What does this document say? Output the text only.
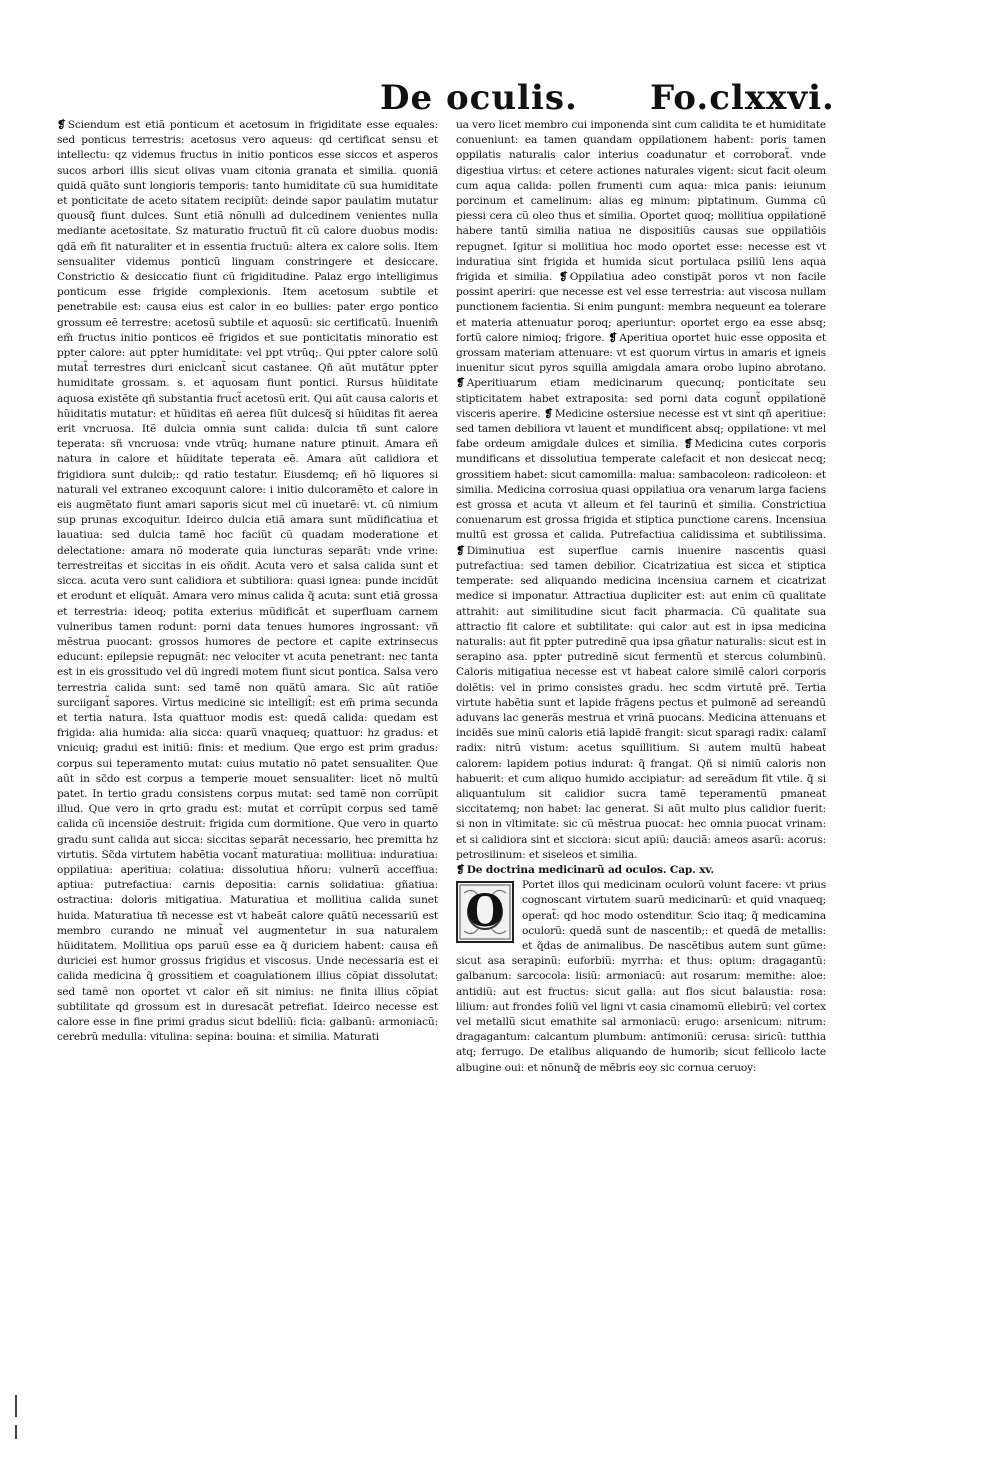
De oculis. Fo.clxxvi.

❡ Sciendum est etiã ponticum et acetosum in frigiditate esse equales: sed ponticus terrestris: acetosus vero aqueus: qd certificat sensu et intellectu: qz videmus fructus in initio ponticos esse siccos et asperos sucos arbori illis sicut olivas vuam citonia granata et similia. quoniã quidã quãto sunt longioris temporis: tanto humiditate cũ sua humiditate et ponticitate de aceto sitatem recipiũt: deinde sapor paulatim mutatur quousq̃ fiunt dulces. Sunt etiã nõnulli ad dulcedinem venientes nulla mediante acetositate. Sz maturatio fructuũ fit cũ calore duobus modis: qdã em̃ fit naturaliter et in essentia fructuũ: altera ex calore solis. Item sensualiter videmus ponticũ linguam constringere et desiccare. Constrictio & desiccatio fiunt cũ frigiditudine. Palaz ergo intelligimus ponticum esse frigide complexionis. Item acetosum subtile et penetrabile est: causa eius est calor in eo bullies: pater ergo pontico grossum eẽ terrestre: acetosũ subtile et aquosũ: sic certificatũ. Inuenim̃ em̃ fructus initio ponticos eẽ frigidos et sue ponticitatis minoratio est ppter calore: aut ppter humiditate: vel ppt vtrũq;. Qui ppter calore solũ mutat̃ terrestres duri eniclcant̃ sicut castanee. Qñ aũt mutãtur ppter humiditate grossam. s. et aquosam fiunt pontici. Rursus hũiditate aquosa existẽte qñ substantia fruct̃ acetosũ erit. Qui aũt causa caloris et hũiditatis mutatur: et hũiditas eñ aerea fiũt dulcesq̃ si hũiditas fit aerea erit vncruosa. Itẽ dulcia omnia sunt calida: dulcia tñ sunt calore teperata: sñ vncruosa: vnde vtrũq; humane nature ptinuit. Amara eñ natura in calore et hũiditate teperata eẽ. Amara aũt calidiora et frigidiora sunt dulcib;: qd ratio testatur. Eiusdemq; eñ hõ liquores si naturali vel extraneo excoquunt calore: i initio dulcoramẽto et calore in eis augmẽtato fiunt amari saporis sicut mel cũ inuetarẽ: vt. cũ nimium sup prunas excoquitur. Ideirco dulcia etiã amara sunt mũdificatiua et lauatiua: sed dulcia tamẽ hoc faciũt cũ quadam moderatione et delectatione: amara nõ moderate quia iuncturas separãt: vnde vrine: terrestreitas et siccitas in eis oñdit. Acuta vero et salsa calida sunt et sicca. acuta vero sunt calidiora et subtiliora: quasi ignea: punde incidũt et erodunt et eliquãt. Amara vero minus calida q̃ acuta: sunt etiã grossa et terrestria: ideoq; potita exterius mũdificãt et superfluam carnem vulneribus tamen rodunt: porni data tenues humores ingrossant: vñ mẽstrua puocant: grossos humores de pectore et capite extrinsecus educunt: epilepsie repugnãt: nec velociter vt acuta penetrant: nec tanta est in eis grossitudo vel dũ ingredi motem fiunt sicut pontica. Salsa vero terrestria calida sunt: sed tamẽ non quãtũ amara. Sic aũt ratiõe surciigant̃ sapores. Virtus medicine sic intelligit̃: est em̃ prima secunda et tertia natura. Ista quattuor modis est: quedã calida: quedam est frigida: alia humida: alia sicca: quarũ vnaqueq; quattuor: hz gradus: et vnicuiq; gradui est initiũ: finis: et medium. Que ergo est prim gradus: corpus sui teperamento mutat: cuius mutatio nõ patet sensualiter. Que aũt in sc̃do est corpus a temperie mouet sensualiter: licet nõ multũ patet. In tertio gradu consistens corpus mutat: sed tamẽ non corrũpit illud. Que vero in qrto gradu est: mutat et corrũpit corpus sed tamẽ calida cũ incensiõe destruit: frigida cum dormitione. Que vero in quarto gradu sunt calida aut sicca: siccitas separãt necessario, hec premitta hz virtutis. Sc̃da virtutem habẽtia vocant̃ maturatiua: mollitiua: induratiua: oppilatiua: aperitiua: colatiua: dissolutiua hñoru: vulnerũ acceffiua: aptiua: putrefactiua: carnis depositia: carnis solidatiua: gñatiua: ostractiua: doloris mitigatiua. Maturatiua et mollitiua calida sunet huida. Maturatiua tñ necesse est vt habeãt calore quãtũ necessariũ est membro curando ne minuat̃ vel augmentetur in sua naturalem hũiditatem. Mollitiua ops paruũ esse ea q̃ duriciem habent: causa eñ duriciei est humor grossus frigidus et viscosus. Unde necessaria est ei calida medicina q̃ grossitiem et coagulationem illius cõpiat dissolutat: sed tamẽ non oportet vt calor eñ sit nimius: ne finita illius cõpiat subtilitate qd grossum est in duresacãt petrefiat. Ideirco necesse est calore esse in fine primi gradus sicut bdelliũ: ficia: galbanũ: armoniacũ: cerebrũ medulla: vitulina: sepina: bouina: et similia. Maturati

ua vero licet membro cui imponenda sint cum calidita te et humiditate conueniunt: ea tamen quandam oppilationem habent: poris tamen oppilatis naturalis calor interius coadunatur et corroborat̃. vnde digestiua virtus: et cetere actiones naturales vigent: sicut facit oleum cum aqua calida: pollen frumenti cum aqua: mica panis: ieiunum porcinum et camelinum: alias eg minum: piptatinum. Gumma cũ piessi cera cũ oleo thus et similia. Oportet quoq; mollitiua oppilationẽ habere tantũ similia natiua ne dispositiũs causas sue oppilatiõis repugnet. Igitur si mollitiua hoc modo oportet esse: necesse est vt induratiua sint frigida et humida sicut portulaca psiliũ lens aqua frigida et similia. ❡ Oppilatiua adeo constipãt poros vt non facile possint aperiri: que necesse est vel esse terrestria: aut viscosa nullam punctionem facientia. Si enim pungunt: membra nequeunt ea tolerare et materia attenuatur poroq; aperiuntur: oportet ergo ea esse absq; fortũ calore nimioq; frigore. ❡ Aperitiua oportet huic esse opposita et grossam materiam attenuare: vt est quorum virtus in amaris et igneis inuenitur sicut pyros squilla amigdala amara orobo lupino abrotano. ❡ Aperitiuarum etiam medicinarum quecunq; ponticitate seu stipticitatem habet extraposita: sed porni data cogunt̃ oppilationẽ visceris aperire. ❡ Medicine ostersiue necesse est vt sint qñ aperitiue: sed tamen debiliora vt lauent et mundificent absq; oppilatione: vt mel fabe ordeum amigdale dulces et similia. ❡ Medicina cutes corporis mundificans et dissolutiua temperate calefacit et non desiccat necq; grossitiem habet: sicut camomilla: malua: sambacoleon: radicoleon: et similia. Medicina corrosiua quasi oppilatiua ora venarum larga faciens est grossa et acuta vt alleum et fel taurinũ et similia. Constrictiua conuenarum est grossa frigida et stiptica punctione carens. Incensiua multũ est grossa et calida. Putrefactiua calidissima et subtilissima. ❡ Diminutiua est superflue carnis inuenire nascentis quasi putrefactiua: sed tamen debilior. Cicatrizatiua est sicca et stiptica temperate: sed aliquando medicina incensiua carnem et cicatrizat medice si imponatur. Attractiua dupliciter est: aut enim cũ qualitate attrahit: aut similitudine sicut facit pharmacia. Cũ qualitate sua attractio fit calore et subtilitate: qui calor aut est in ipsa medicina naturalis: aut fit ppter putredinẽ qua ipsa gñatur naturalis: sicut est in serapino asa. ppter putredinẽ sicut fermentũ et stercus columbinũ. Caloris mitigatiua necesse est vt habeat calore similẽ calori corporis dolẽtis: vel in primo consistes gradu. hec scdm virtutẽ prẽ. Tertia virtute habẽtia sunt et lapide frãgens pectus et pulmonẽ ad sereandũ aduvans lac generãs mestrua et vrinã puocans. Medicina attenuans et incidẽs sue minũ caloris etiã lapidẽ frangit: sicut sparagi radix: calamĩ radix: nitrũ vistum: acetus squillitium. Si autem multũ habeat calorem: lapidem potius indurat: q̃ frangat. Qñ si nimiũ caloris non habuerit: et cum aliquo humido accipiatur: ad sereãdum fit vtile. q̃ si aliquantulum sit calidior sucra tamẽ teperamentũ pmaneat siccitatemq; non habet: lac generat. Si aũt multo plus calidior fuerit: si non in vltimitate: sic cũ mẽstrua puocat: hec omnia puocat vrinam: et si calidiora sint et sicciora: sicut apiũ: dauciã: ameos asarũ: acorus: petrosilinum: et siseleos et similia.

❡ De doctrina medicinarũ ad oculos. Cap. xv.

O
Portet illos qui medicinam oculorũ volunt facere: vt prius cognoscant virtutem suarũ medicinarũ: et quid vnaqueq; operat̃: qd hoc modo ostenditur. Scio itaq; q̃ medicamina oculorũ: quedã sunt de nascentib;: et quedã de metallis: et q̃das de animalibus. De nascẽtibus autem sunt gũme: sicut asa serapinũ: euforbiũ: myrrha: et thus: opium: dragagantũ: galbanum: sarcocola: lisiũ: armoniacũ: aut rosarum: memithe: aloe: antidiũ: aut est fructus: sicut galla: aut flos sicut balaustia: rosa: lilium: aut frondes foliũ vel ligni vt casia cinamomũ ellebirũ: vel cortex vel metallũ sicut emathite sal armoniacũ: erugo: arsenicum: nitrum: dragagantum: calcantum plumbum: antimoniũ: cerusa: siricũ: tutthia atq; ferrugo. De etalibus aliquando de humorib; sicut fellicolo lacte albugine oui: et nõnunq̃ de mẽbris eoy sic cornua ceruoy:
